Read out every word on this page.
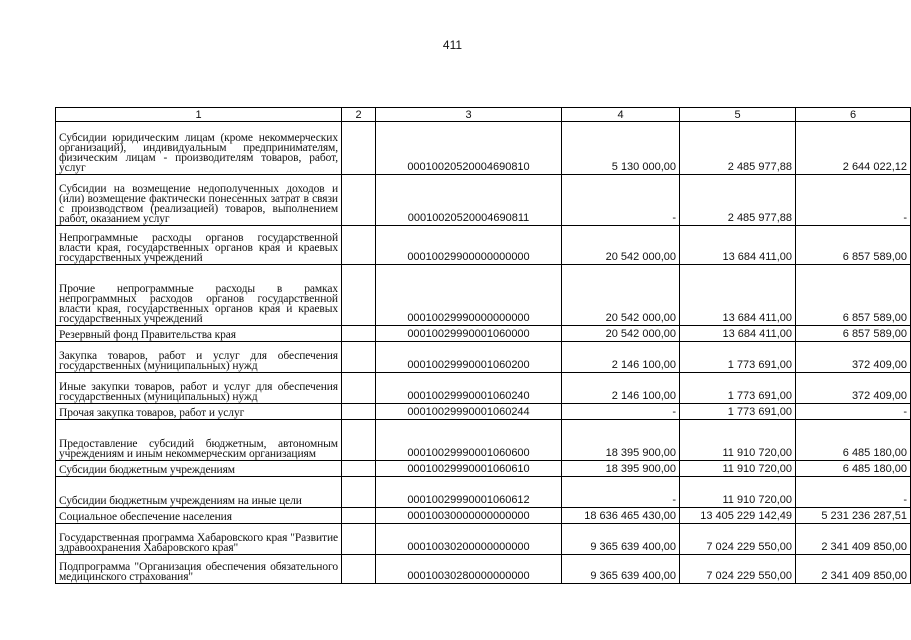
411
1	2	3	4	5	6
Субсидии юридическим лицам (кроме некоммерческих организаций), индивидуальным предпринимателям, физическим лицам - производителям товаров, работ, услуг		00010020520004690810	5 130 000,00	2 485 977,88	2 644 022,12
Субсидии на возмещение недополученных доходов и (или) возмещение фактически понесенных затрат в связи с производством (реализацией) товаров, выполнением работ, оказанием услуг		00010020520004690811	-	2 485 977,88	-
Непрограммные расходы органов государственной власти края, государственных органов края и краевых государственных учреждений		00010029900000000000	20 542 000,00	13 684 411,00	6 857 589,00
Прочие непрограммные расходы в рамках непрограммных расходов органов государственной власти края, государственных органов края и краевых государственных учреждений		00010029990000000000	20 542 000,00	13 684 411,00	6 857 589,00
Резервный фонд Правительства края		00010029990001060000	20 542 000,00	13 684 411,00	6 857 589,00
Закупка товаров, работ и услуг для обеспечения государственных (муниципальных) нужд		00010029990001060200	2 146 100,00	1 773 691,00	372 409,00
Иные закупки товаров, работ и услуг для обеспечения государственных (муниципальных) нужд		00010029990001060240	2 146 100,00	1 773 691,00	372 409,00
Прочая закупка товаров, работ и услуг		00010029990001060244	-	1 773 691,00	-
Предоставление субсидий бюджетным, автономным учреждениям и иным некоммерческим организациям		00010029990001060600	18 395 900,00	11 910 720,00	6 485 180,00
Субсидии бюджетным учреждениям		00010029990001060610	18 395 900,00	11 910 720,00	6 485 180,00
Субсидии бюджетным учреждениям на иные цели		00010029990001060612	-	11 910 720,00	-
Социальное обеспечение населения		00010030000000000000	18 636 465 430,00	13 405 229 142,49	5 231 236 287,51
Государственная программа Хабаровского края "Развитие здравоохранения Хабаровского края"		00010030200000000000	9 365 639 400,00	7 024 229 550,00	2 341 409 850,00
Подпрограмма "Организация обеспечения обязательного медицинского страхования"		00010030280000000000	9 365 639 400,00	7 024 229 550,00	2 341 409 850,00
